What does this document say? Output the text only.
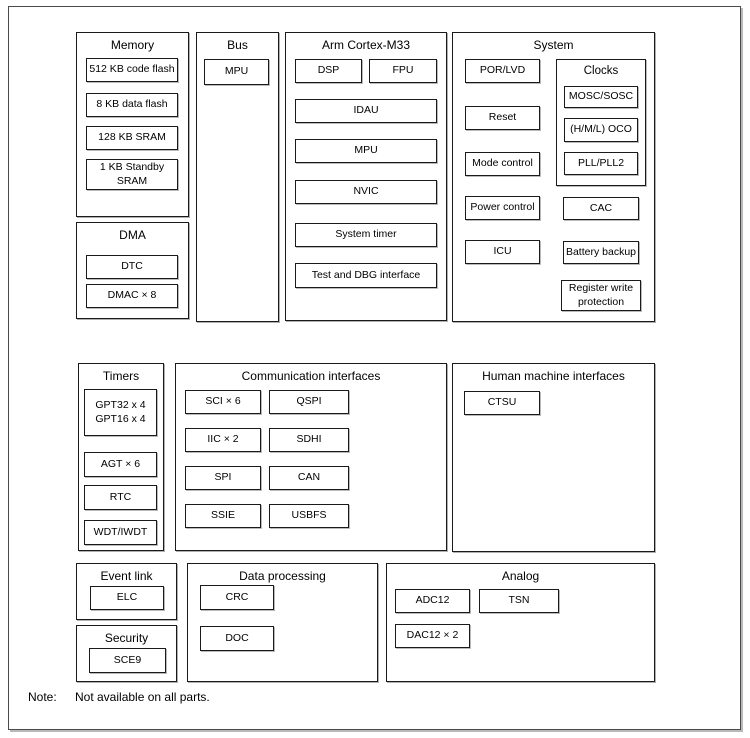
Memory
512 KB code flash
8 KB data flash
128 KB SRAM
1 KB Standby SRAM
DMA
DTC
DMAC × 8
Bus
MPU
Arm Cortex-M33
DSP	FPU
IDAU
MPU
NVIC
System timer
Test and DBG interface
System
POR/LVD
Reset
Mode control
Power control
ICU
Clocks
MOSC/SOSC
(H/M/L) OCO
PLL/PLL2
CAC
Battery backup
Register write protection
Timers
GPT32 x 4
GPT16 x 4
AGT × 6
RTC
WDT/IWDT
Communication interfaces
SCI × 6
IIC × 2
SPI
SSIE
QSPI
SDHI
CAN
USBFS
Human machine interfaces
CTSU
Event link
ELC
Security
SCE9
Data processing
CRC
DOC
Analog
ADC12	TSN
DAC12 × 2
Note: Not available on all parts.
